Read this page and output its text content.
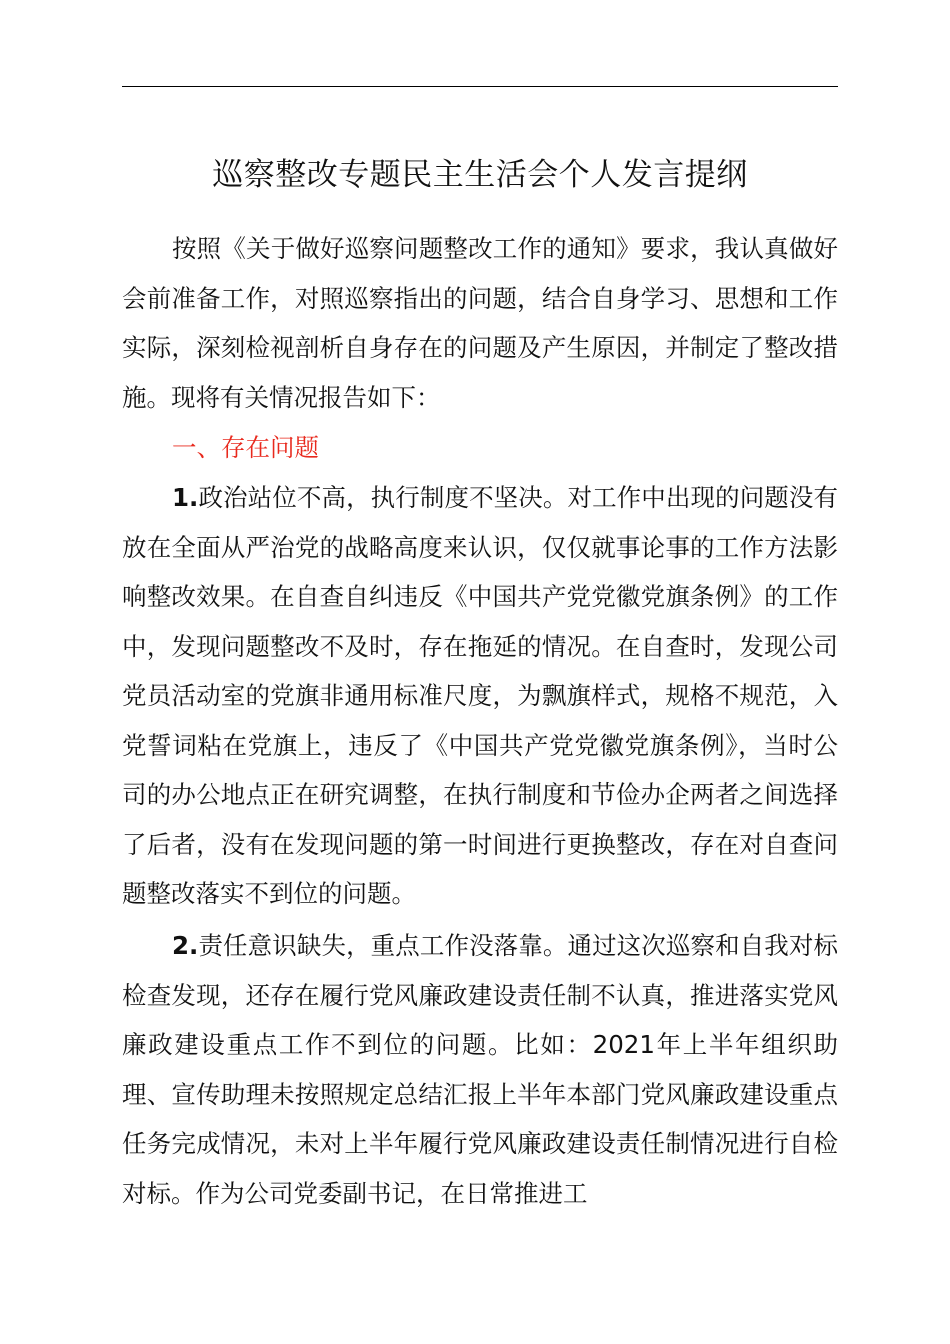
巡察整改专题民主生活会个人发言提纲

按照《关于做好巡察问题整改工作的通知》要求，我认真做好会前准备工作，对照巡察指出的问题，结合自身学习、思想和工作实际，深刻检视剖析自身存在的问题及产生原因，并制定了整改措施。现将有关情况报告如下：

一、存在问题

1.政治站位不高，执行制度不坚决。对工作中出现的问题没有放在全面从严治党的战略高度来认识，仅仅就事论事的工作方法影响整改效果。在自查自纠违反《中国共产党党徽党旗条例》的工作中，发现问题整改不及时，存在拖延的情况。在自查时，发现公司党员活动室的党旗非通用标准尺度，为飘旗样式，规格不规范，入党誓词粘在党旗上，违反了《中国共产党党徽党旗条例》，当时公司的办公地点正在研究调整，在执行制度和节俭办企两者之间选择了后者，没有在发现问题的第一时间进行更换整改，存在对自查问题整改落实不到位的问题。

2.责任意识缺失，重点工作没落靠。通过这次巡察和自我对标检查发现，还存在履行党风廉政建设责任制不认真，推进落实党风廉政建设重点工作不到位的问题。比如：2021年上半年组织助理、宣传助理未按照规定总结汇报上半年本部门党风廉政建设重点任务完成情况，未对上半年履行党风廉政建设责任制情况进行自检对标。作为公司党委副书记，在日常推进工
